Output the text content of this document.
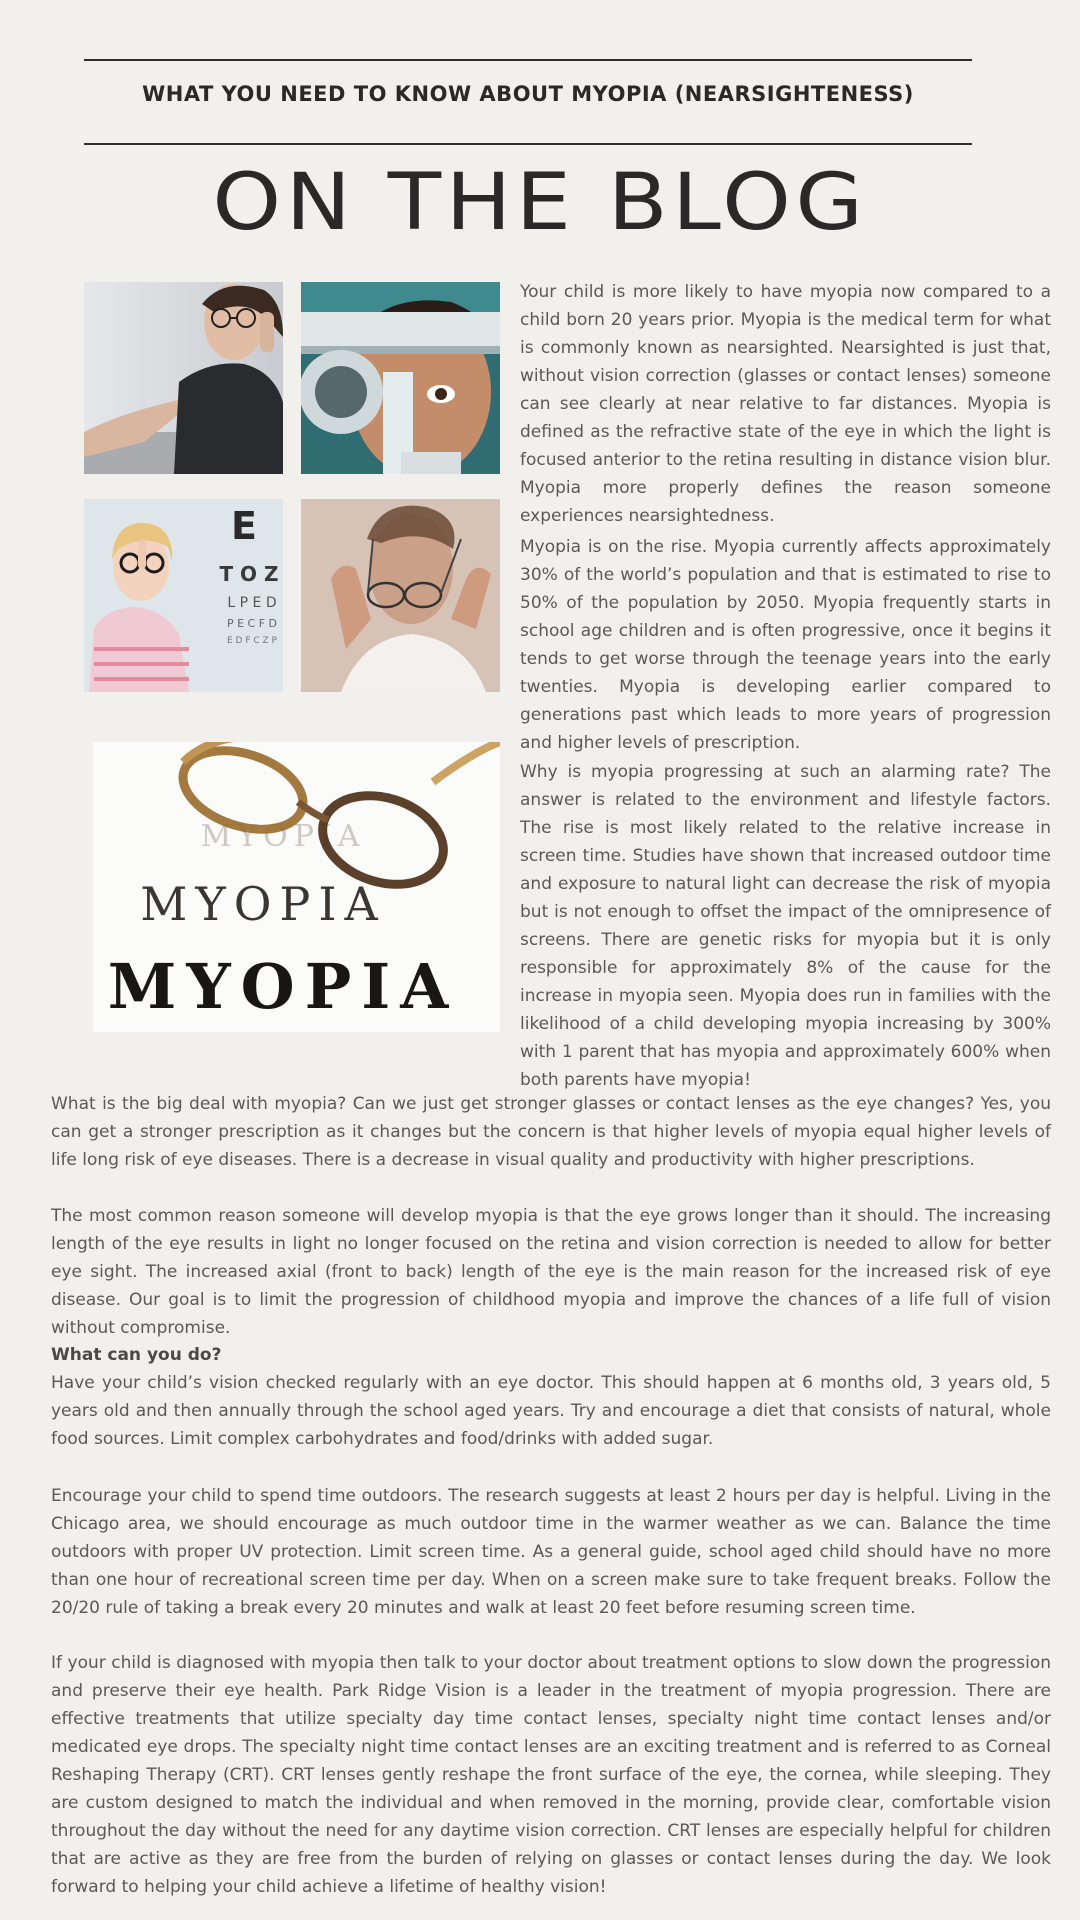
WHAT YOU NEED TO KNOW ABOUT MYOPIA (NEARSIGHTENESS)
ON THE BLOG
E
T O Z
L P E D
P E C F D
E D F C Z P
MYOPIA
MYOPIA
MYOPIA

Your child is more likely to have myopia now compared to a child born 20 years prior. Myopia is the medical term for what is commonly known as nearsighted. Nearsighted is just that, without vision correction (glasses or contact lenses) someone can see clearly at near relative to far distances. Myopia is defined as the refractive state of the eye in which the light is focused anterior to the retina resulting in distance vision blur. Myopia more properly defines the reason someone experiences nearsightedness.

Myopia is on the rise. Myopia currently affects approximately 30% of the world’s population and that is estimated to rise to 50% of the population by 2050. Myopia frequently starts in school age children and is often progressive, once it begins it tends to get worse through the teenage years into the early twenties. Myopia is developing earlier compared to generations past which leads to more years of progression and higher levels of prescription.

Why is myopia progressing at such an alarming rate? The answer is related to the environment and lifestyle factors. The rise is most likely related to the relative increase in screen time. Studies have shown that increased outdoor time and exposure to natural light can decrease the risk of myopia but is not enough to offset the impact of the omnipresence of screens. There are genetic risks for myopia but it is only responsible for approximately 8% of the cause for the increase in myopia seen. Myopia does run in families with the likelihood of a child developing myopia increasing by 300% with 1 parent that has myopia and approximately 600% when both parents have myopia!

What is the big deal with myopia? Can we just get stronger glasses or contact lenses as the eye changes? Yes, you can get a stronger prescription as it changes but the concern is that higher levels of myopia equal higher levels of life long risk of eye diseases. There is a decrease in visual quality and productivity with higher prescriptions.

The most common reason someone will develop myopia is that the eye grows longer than it should. The increasing length of the eye results in light no longer focused on the retina and vision correction is needed to allow for better eye sight. The increased axial (front to back) length of the eye is the main reason for the increased risk of eye disease. Our goal is to limit the progression of childhood myopia and improve the chances of a life full of vision without compromise.

What can you do?
Have your child’s vision checked regularly with an eye doctor. This should happen at 6 months old, 3 years old, 5 years old and then annually through the school aged years. Try and encourage a diet that consists of natural, whole food sources. Limit complex carbohydrates and food/drinks with added sugar.

Encourage your child to spend time outdoors. The research suggests at least 2 hours per day is helpful. Living in the Chicago area, we should encourage as much outdoor time in the warmer weather as we can. Balance the time outdoors with proper UV protection. Limit screen time. As a general guide, school aged child should have no more than one hour of recreational screen time per day. When on a screen make sure to take frequent breaks. Follow the 20/20 rule of taking a break every 20 minutes and walk at least 20 feet before resuming screen time.

If your child is diagnosed with myopia then talk to your doctor about treatment options to slow down the progression and preserve their eye health. Park Ridge Vision is a leader in the treatment of myopia progression. There are effective treatments that utilize specialty day time contact lenses, specialty night time contact lenses and/or medicated eye drops. The specialty night time contact lenses are an exciting treatment and is referred to as Corneal Reshaping Therapy (CRT). CRT lenses gently reshape the front surface of the eye, the cornea, while sleeping. They are custom designed to match the individual and when removed in the morning, provide clear, comfortable vision throughout the day without the need for any daytime vision correction. CRT lenses are especially helpful for children that are active as they are free from the burden of relying on glasses or contact lenses during the day. We look forward to helping your child achieve a lifetime of healthy vision!
